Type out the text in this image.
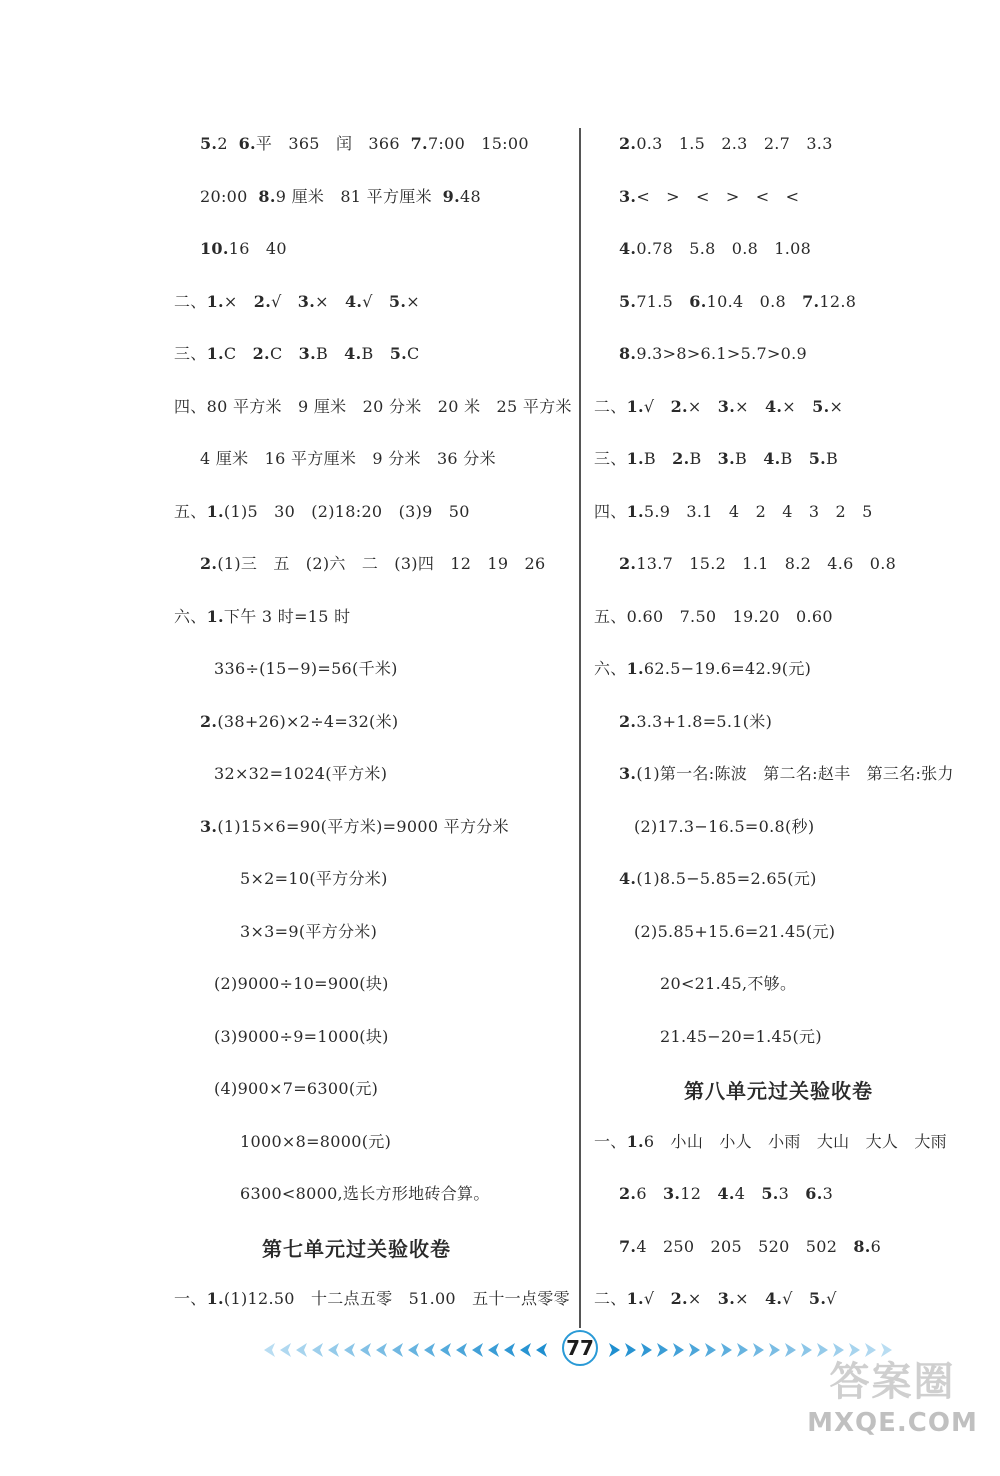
5.2  6.平   365   闰   366  7.7:00   15:00
20:00  8.9 厘米   81 平方厘米  9.48
10.16   40
二、1.×   2.√   3.×   4.√   5.×
三、1.C   2.C   3.B   4.B   5.C
四、80 平方米   9 厘米   20 分米   20 米   25 平方米
4 厘米   16 平方厘米   9 分米   36 分米
五、1.(1)5   30   (2)18:20   (3)9   50
2.(1)三   五   (2)六   二   (3)四   12   19   26
六、1.下午 3 时=15 时
336÷(15−9)=56(千米)
2.(38+26)×2÷4=32(米)
32×32=1024(平方米)
3.(1)15×6=90(平方米)=9000 平方分米
5×2=10(平方分米)
3×3=9(平方分米)
(2)9000÷10=900(块)
(3)9000÷9=1000(块)
(4)900×7=6300(元)
1000×8=8000(元)
6300<8000,选长方形地砖合算。
第七单元过关验收卷
一、1.(1)12.50   十二点五零   51.00   五十一点零零
2.0.3   1.5   2.3   2.7   3.3
3.<   >   <   >   <   <
4.0.78   5.8   0.8   1.08
5.71.5   6.10.4   0.8   7.12.8
8.9.3>8>6.1>5.7>0.9
二、1.√   2.×   3.×   4.×   5.×
三、1.B   2.B   3.B   4.B   5.B
四、1.5.9   3.1   4   2   4   3   2   5
2.13.7   15.2   1.1   8.2   4.6   0.8
五、0.60   7.50   19.20   0.60
六、1.62.5−19.6=42.9(元)
2.3.3+1.8=5.1(米)
3.(1)第一名:陈波   第二名:赵丰   第三名:张力
(2)17.3−16.5=0.8(秒)
4.(1)8.5−5.85=2.65(元)
(2)5.85+15.6=21.45(元)
20<21.45,不够。
21.45−20=1.45(元)
第八单元过关验收卷
一、1.6   小山   小人   小雨   大山   大人   大雨
2.6   3.12   4.4   5.3   6.3
7.4   250   205   520   502   8.6
二、1.√   2.×   3.×   4.√   5.√
77
答案圈
MXQE.COM
